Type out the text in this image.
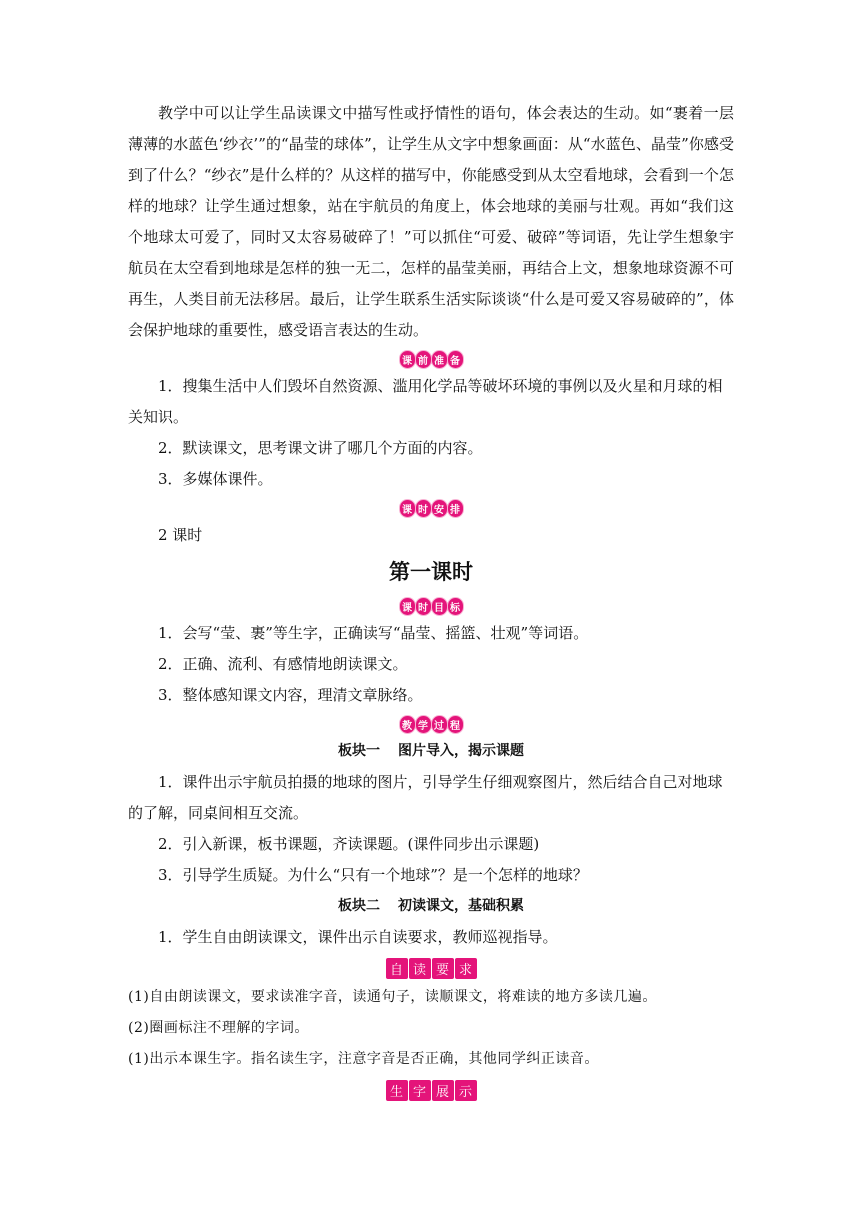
教学中可以让学生品读课文中描写性或抒情性的语句，体会表达的生动。如“裹着一层薄薄的水蓝色‘纱衣’”的“晶莹的球体”，让学生从文字中想象画面：从“水蓝色、晶莹”你感受到了什么？“纱衣”是什么样的？从这样的描写中，你能感受到从太空看地球，会看到一个怎样的地球？让学生通过想象，站在宇航员的角度上，体会地球的美丽与壮观。再如“我们这个地球太可爱了，同时又太容易破碎了！”可以抓住“可爱、破碎”等词语，先让学生想象宇航员在太空看到地球是怎样的独一无二，怎样的晶莹美丽，再结合上文，想象地球资源不可再生，人类目前无法移居。最后，让学生联系生活实际谈谈“什么是可爱又容易破碎的”，体会保护地球的重要性，感受语言表达的生动。

课 前 准 备

1．搜集生活中人们毁坏自然资源、滥用化学品等破坏环境的事例以及火星和月球的相关知识。

2．默读课文，思考课文讲了哪几个方面的内容。

3．多媒体课件。

课 时 安 排

2 课时

第一课时
课 时 目 标

1．会写“莹、裹”等生字，正确读写“晶莹、摇篮、壮观”等词语。

2．正确、流利、有感情地朗读课文。

3．整体感知课文内容，理清文章脉络。

教 学 过 程

板块一 图片导入，揭示课题

1．课件出示宇航员拍摄的地球的图片，引导学生仔细观察图片，然后结合自己对地球的了解，同桌间相互交流。

2．引入新课，板书课题，齐读课题。(课件同步出示课题)

3．引导学生质疑。为什么“只有一个地球”？是一个怎样的地球？

板块二 初读课文，基础积累

1．学生自由朗读课文，课件出示自读要求，教师巡视指导。

自 读 要 求

(1)自由朗读课文，要求读准字音，读通句子，读顺课文，将难读的地方多读几遍。

(2)圈画标注不理解的字词。

(1)出示本课生字。指名读生字，注意字音是否正确，其他同学纠正读音。

生 字 展 示
